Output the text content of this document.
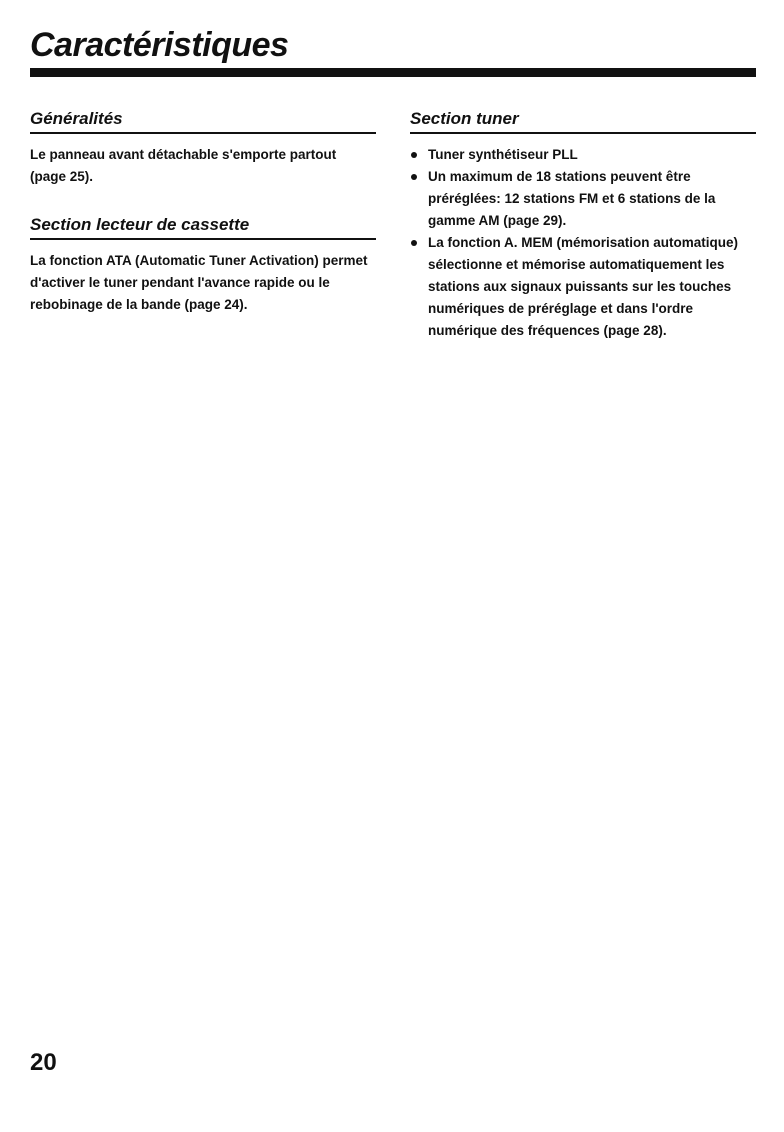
Caractéristiques
Généralités

Le panneau avant détachable s'emporte partout (page 25).

Section lecteur de cassette

La fonction ATA (Automatic Tuner Activation) permet d'activer le tuner pendant l'avance rapide ou le rebobinage de la bande (page 24).

Section tuner
Tuner synthétiseur PLL
Un maximum de 18 stations peuvent être préréglées: 12 stations FM et 6 stations de la gamme AM (page 29).
La fonction A. MEM (mémorisation automatique) sélectionne et mémorise automatiquement les stations aux signaux puissants sur les touches numériques de préréglage et dans l'ordre numérique des fréquences (page 28).

20
